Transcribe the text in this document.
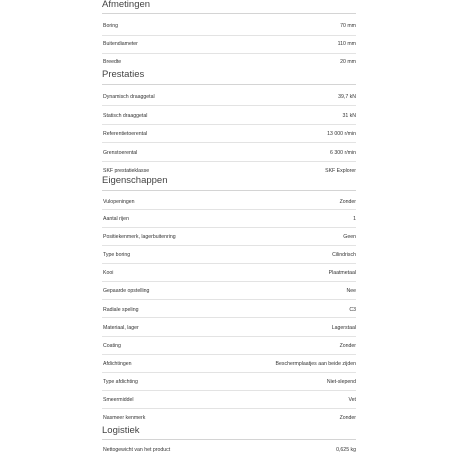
Afmetingen
Boring	70 mm
Buitendiameter	110 mm
Breedte	20 mm
Prestaties
Dynamisch draaggetal	39,7 kN
Statisch draaggetal	31 kN
Referentietoerental	13 000 r/min
Grenstoerental	6 300 r/min
SKF prestatieklasse	SKF Explorer
Eigenschappen
Vulopeningen	Zonder
Aantal rijen	1
Positiekenmerk, lagerbuitenring	Geen
Type boring	Cilindrisch
Kooi	Plaatmetaal
Gepaarde opstelling	Nee
Radiale speling	C3
Materiaal, lager	Lagerstaal
Coating	Zonder
Afdichtingen	Beschermplaatjes aan beide zijden
Type afdichting	Niet-slepend
Smeermiddel	Vet
Nasmeer kenmerk	Zonder
Logistiek
Nettogewicht van het product	0,625 kg
